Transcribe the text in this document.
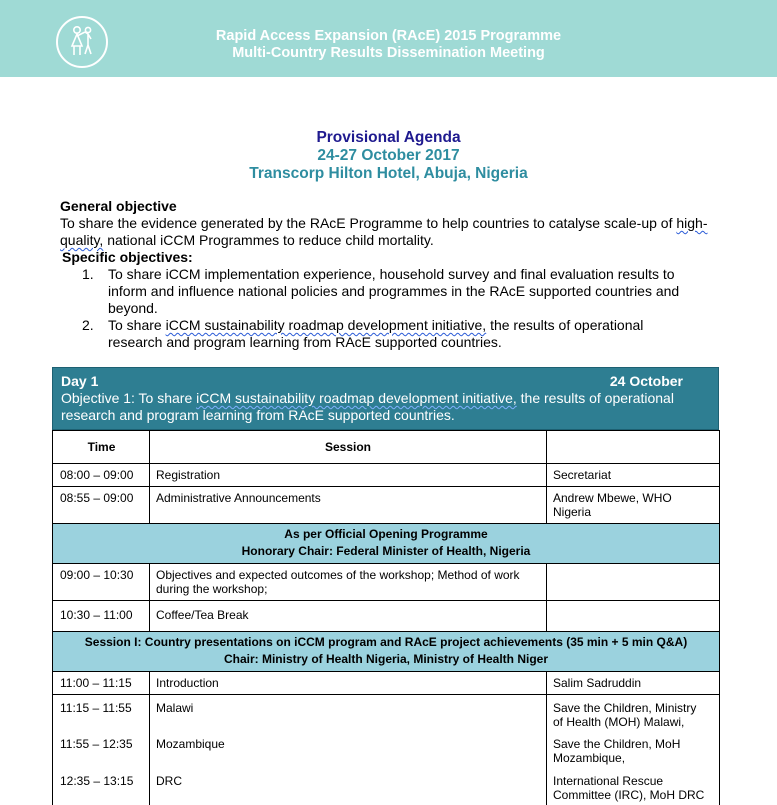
Rapid Access Expansion (RAcE) 2015 Programme
Multi-Country Results Dissemination Meeting
Provisional Agenda
24-27 October 2017
Transcorp Hilton Hotel, Abuja, Nigeria
General objective
To share the evidence generated by the RAcE Programme to help countries to catalyse scale-up of high-quality, national iCCM Programmes to reduce child mortality.
Specific objectives:
1. To share iCCM implementation experience, household survey and final evaluation results to
inform and influence national policies and programmes in the RAcE supported countries and
beyond.
2. To share iCCM sustainability roadmap development initiative, the results of operational
research and program learning from RAcE supported countries.
Day 1	24 October
Objective 1: To share iCCM sustainability roadmap development initiative, the results of operational
research and program learning from RAcE supported countries.
Time	Session	
08:00 – 09:00	Registration	Secretariat
08:55 – 09:00	Administrative Announcements	Andrew Mbewe, WHO
Nigeria

As per Official Opening Programme
Honorary Chair: Federal Minister of Health, Nigeria		

09:00 – 10:30	Objectives and expected outcomes of the workshop; Method of work
during the workshop;	

10:30 – 11:00	Coffee/Tea Break	

Session I: Country presentations on iCCM program and RAcE project achievements (35 min + 5 min Q&A)
Chair: Ministry of Health Nigeria, Ministry of Health Niger		

11:00 – 11:15	Introduction	Salim Sadruddin
11:15 – 11:55	Malawi	Save the Children, Ministry
of Health (MOH) Malawi,

11:55 – 12:35	Mozambique	Save the Children, MoH
Mozambique,

12:35 – 13:15	DRC	International Rescue
Committee (IRC), MoH DRC
